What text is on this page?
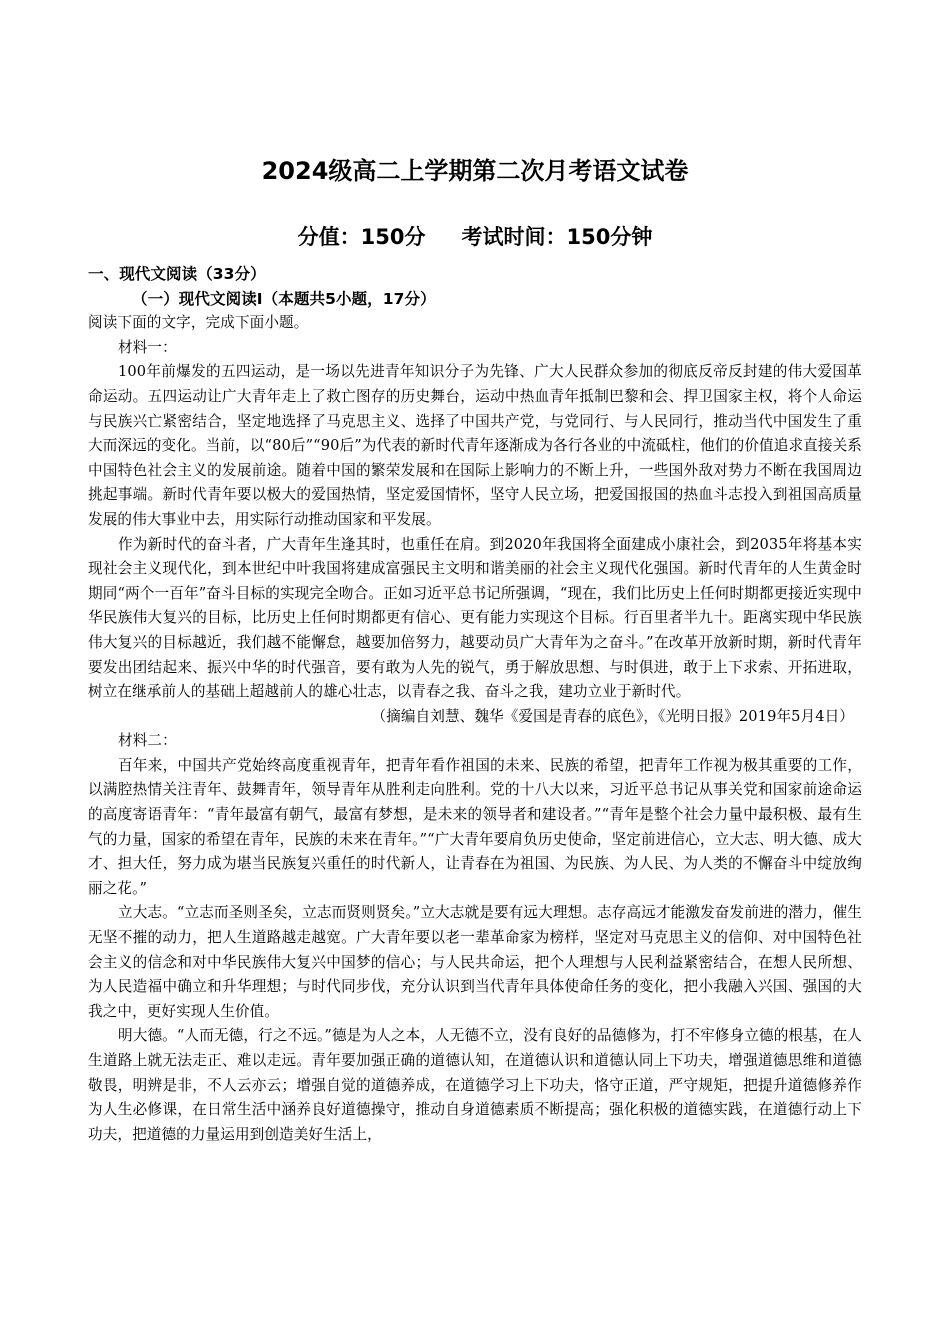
2024级高二上学期第二次月考语文试卷
分值：150分 考试时间：150分钟

一、现代文阅读（33分）

（一）现代文阅读Ⅰ（本题共5小题，17分）

阅读下面的文字，完成下面小题。

材料一：

100年前爆发的五四运动，是一场以先进青年知识分子为先锋、广大人民群众参加的彻底反帝反封建的伟大爱国革命运动。五四运动让广大青年走上了救亡图存的历史舞台，运动中热血青年抵制巴黎和会、捍卫国家主权，将个人命运与民族兴亡紧密结合，坚定地选择了马克思主义、选择了中国共产党，与党同行、与人民同行，推动当代中国发生了重大而深远的变化。当前，以“80后”“90后”为代表的新时代青年逐渐成为各行各业的中流砥柱，他们的价值追求直接关系中国特色社会主义的发展前途。随着中国的繁荣发展和在国际上影响力的不断上升，一些国外敌对势力不断在我国周边挑起事端。新时代青年要以极大的爱国热情，坚定爱国情怀，坚守人民立场，把爱国报国的热血斗志投入到祖国高质量发展的伟大事业中去，用实际行动推动国家和平发展。

作为新时代的奋斗者，广大青年生逢其时，也重任在肩。到2020年我国将全面建成小康社会，到2035年将基本实现社会主义现代化，到本世纪中叶我国将建成富强民主文明和谐美丽的社会主义现代化强国。新时代青年的人生黄金时期同“两个一百年”奋斗目标的实现完全吻合。正如习近平总书记所强调，“现在，我们比历史上任何时期都更接近实现中华民族伟大复兴的目标，比历史上任何时期都更有信心、更有能力实现这个目标。行百里者半九十。距离实现中华民族伟大复兴的目标越近，我们越不能懈怠，越要加倍努力，越要动员广大青年为之奋斗。”在改革开放新时期，新时代青年要发出团结起来、振兴中华的时代强音，要有敢为人先的锐气，勇于解放思想、与时俱进，敢于上下求索、开拓进取，树立在继承前人的基础上超越前人的雄心壮志，以青春之我、奋斗之我，建功立业于新时代。

（摘编自刘慧、魏华《爱国是青春的底色》，《光明日报》2019年5月4日）

材料二：

百年来，中国共产党始终高度重视青年，把青年看作祖国的未来、民族的希望，把青年工作视为极其重要的工作，以满腔热情关注青年、鼓舞青年，领导青年从胜利走向胜利。党的十八大以来，习近平总书记从事关党和国家前途命运的高度寄语青年：“青年最富有朝气，最富有梦想，是未来的领导者和建设者。”“青年是整个社会力量中最积极、最有生气的力量，国家的希望在青年，民族的未来在青年。”“广大青年要肩负历史使命，坚定前进信心，立大志、明大德、成大才、担大任，努力成为堪当民族复兴重任的时代新人，让青春在为祖国、为民族、为人民、为人类的不懈奋斗中绽放绚丽之花。”

立大志。“立志而圣则圣矣，立志而贤则贤矣。”立大志就是要有远大理想。志存高远才能激发奋发前进的潜力，催生无坚不摧的动力，把人生道路越走越宽。广大青年要以老一辈革命家为榜样，坚定对马克思主义的信仰、对中国特色社会主义的信念和对中华民族伟大复兴中国梦的信心；与人民共命运，把个人理想与人民利益紧密结合，在想人民所想、为人民造福中确立和升华理想；与时代同步伐，充分认识到当代青年具体使命任务的变化，把小我融入兴国、强国的大我之中，更好实现人生价值。

明大德。“人而无德，行之不远。”德是为人之本，人无德不立，没有良好的品德修为，打不牢修身立德的根基，在人生道路上就无法走正、难以走远。青年要加强正确的道德认知，在道德认识和道德认同上下功夫，增强道德思维和道德敬畏，明辨是非，不人云亦云；增强自觉的道德养成，在道德学习上下功夫，恪守正道，严守规矩，把提升道德修养作为人生必修课，在日常生活中涵养良好道德操守，推动自身道德素质不断提高；强化积极的道德实践，在道德行动上下功夫，把道德的力量运用到创造美好生活上，
